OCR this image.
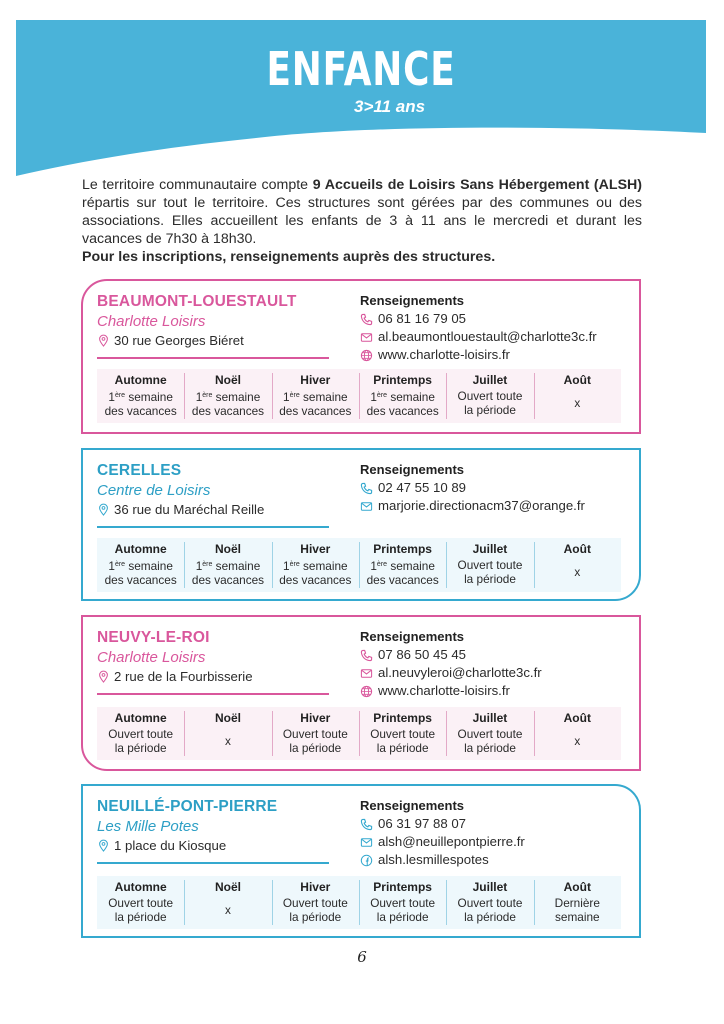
ENFANCE
3>11 ans
Le territoire communautaire compte 9 Accueils de Loisirs Sans Hébergement (ALSH) répartis sur tout le territoire. Ces structures sont gérées par des communes ou des associations. Elles accueillent les enfants de 3 à 11 ans le mercredi et durant les vacances de 7h30 à 18h30.
Pour les inscriptions, renseignements auprès des structures.
BEAUMONT-LOUESTAULT
Charlotte Loisirs
30 rue Georges Biéret
Renseignements
06 81 16 79 05
al.beaumontlouestault@charlotte3c.fr
www.charlotte-loisirs.fr
Automne
1ère semaine
des vacances
Noël
1ère semaine
des vacances
Hiver
1ère semaine
des vacances
Printemps
1ère semaine
des vacances
Juillet
Ouvert toute
la période
Août
x
CERELLES
Centre de Loisirs
36 rue du Maréchal Reille
Renseignements
02 47 55 10 89
marjorie.directionacm37@orange.fr
Automne
1ère semaine
des vacances
Noël
1ère semaine
des vacances
Hiver
1ère semaine
des vacances
Printemps
1ère semaine
des vacances
Juillet
Ouvert toute
la période
Août
x
NEUVY-LE-ROI
Charlotte Loisirs
2 rue de la Fourbisserie
Renseignements
07 86 50 45 45
al.neuvyleroi@charlotte3c.fr
www.charlotte-loisirs.fr
Automne
Ouvert toute
la période
Noël
x
Hiver
Ouvert toute
la période
Printemps
Ouvert toute
la période
Juillet
Ouvert toute
la période
Août
x
NEUILLÉ-PONT-PIERRE
Les Mille Potes
1 place du Kiosque
Renseignements
06 31 97 88 07
alsh@neuillepontpierre.fr
alsh.lesmillespotes
Automne
Ouvert toute
la période
Noël
x
Hiver
Ouvert toute
la période
Printemps
Ouvert toute
la période
Juillet
Ouvert toute
la période
Août
Dernière
semaine
6
